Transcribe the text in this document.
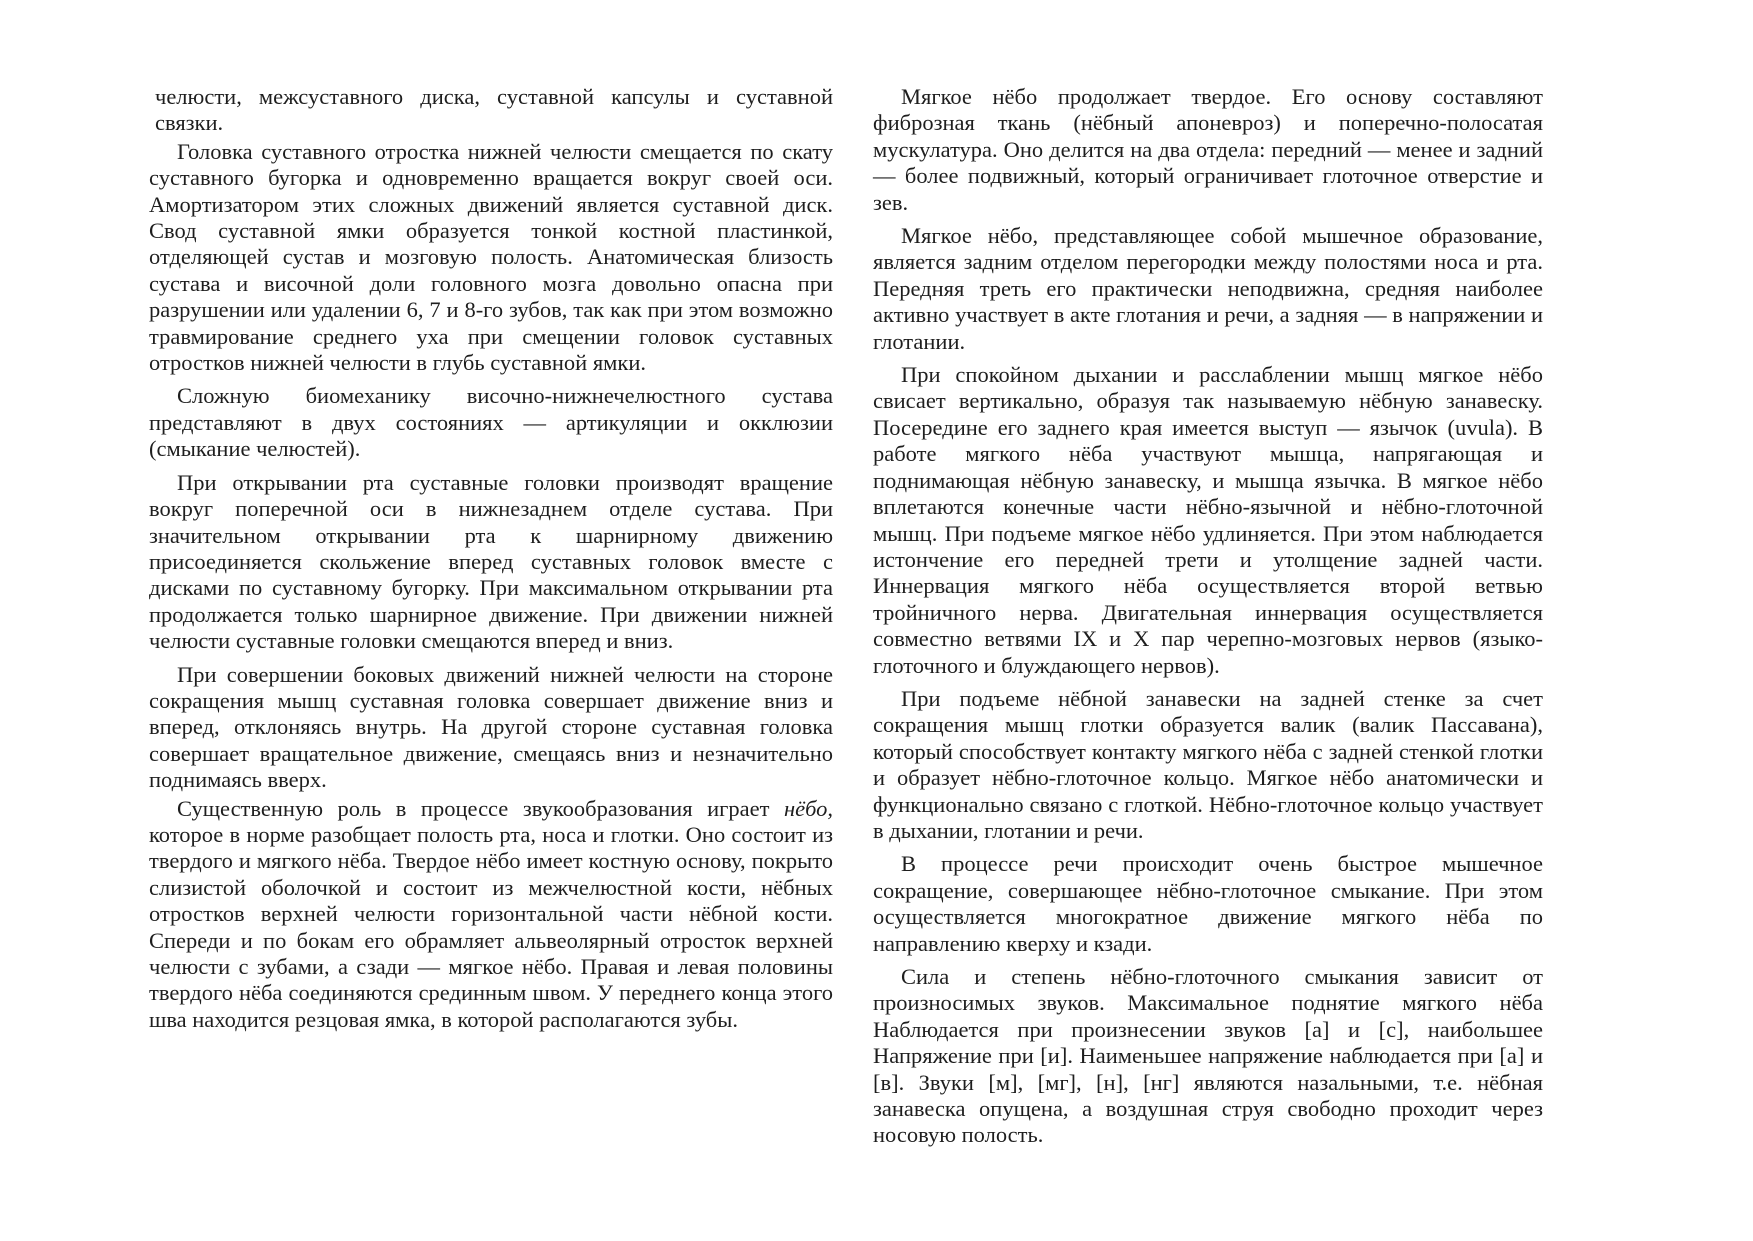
челюсти, межсуставного диска, суставной капсулы и суставной связки.

Головка суставного отростка нижней челюсти смещается по скату суставного бугорка и одновременно вращается вокруг своей оси. Амортизатором этих сложных движений является суставной диск. Свод суставной ямки образуется тонкой костной пластинкой, отделяющей сустав и мозговую полость. Анатомическая близость сустава и височной доли головного мозга довольно опасна при разрушении или удалении 6, 7 и 8-го зубов, так как при этом возможно травмирование среднего уха при смещении головок суставных отростков нижней челюсти в глубь суставной ямки.

Сложную биомеханику височно-нижнечелюстного сустава представляют в двух состояниях — артикуляции и окклюзии (смыкание челюстей).

При открывании рта суставные головки производят вращение вокруг поперечной оси в нижнезаднем отделе сустава. При значительном открывании рта к шарнирному движению присоединяется скольжение вперед суставных головок вместе с дисками по суставному бугорку. При максимальном открывании рта продолжается только шарнирное движение. При движении нижней челюсти суставные головки смещаются вперед и вниз.

При совершении боковых движений нижней челюсти на стороне сокращения мышц суставная головка совершает движение вниз и вперед, отклоняясь внутрь. На другой стороне суставная головка совершает вращательное движение, смещаясь вниз и незначительно поднимаясь вверх.

Существенную роль в процессе звукообразования играет нёбо, которое в норме разобщает полость рта, носа и глотки. Оно состоит из твердого и мягкого нёба. Твердое нёбо имеет костную основу, покрыто слизистой оболочкой и состоит из межчелюстной кости, нёбных отростков верхней челюсти горизонтальной части нёбной кости. Спереди и по бокам его обрамляет альвеолярный отросток верхней челюсти с зубами, а сзади — мягкое нёбо. Правая и левая половины твердого нёба соединяются срединным швом. У переднего конца этого шва находится резцовая ямка, в которой располагаются зубы.

Мягкое нёбо продолжает твердое. Его основу составляют фиброзная ткань (нёбный апоневроз) и поперечно-полосатая мускулатура. Оно делится на два отдела: передний — менее и задний — более подвижный, который ограничивает глоточное отверстие и зев.

Мягкое нёбо, представляющее собой мышечное образование, является задним отделом перегородки между полостями носа и рта. Передняя треть его практически неподвижна, средняя наиболее активно участвует в акте глотания и речи, а задняя — в напряжении и глотании.

При спокойном дыхании и расслаблении мышц мягкое нёбо свисает вертикально, образуя так называемую нёбную занавеску. Посередине его заднего края имеется выступ — язычок (uvula). В работе мягкого нёба участвуют мышца, напрягающая и поднимающая нёбную занавеску, и мышца язычка. В мягкое нёбо вплетаются конечные части нёбно-язычной и нёбно-глоточной мышц. При подъеме мягкое нёбо удлиняется. При этом наблюдается истончение его передней трети и утолщение задней части. Иннервация мягкого нёба осуществляется второй ветвью тройничного нерва. Двигательная иннервация осуществляется совместно ветвями IX и X пар черепно-мозговых нервов (языко-глоточного и блуждающего нервов).

При подъеме нёбной занавески на задней стенке за счет сокращения мышц глотки образуется валик (валик Пассавана), который способствует контакту мягкого нёба с задней стенкой глотки и образует нёбно-глоточное кольцо. Мягкое нёбо анатомически и функционально связано с глоткой. Нёбно-глоточное кольцо участвует в дыхании, глотании и речи.

В процессе речи происходит очень быстрое мышечное сокращение, совершающее нёбно-глоточное смыкание. При этом осуществляется многократное движение мягкого нёба по направлению кверху и кзади.

Сила и степень нёбно-глоточного смыкания зависит от произносимых звуков. Максимальное поднятие мягкого нёба Наблюдается при произнесении звуков [а] и [с], наибольшее Напряжение при [и]. Наименьшее напряжение наблюдается при [а] и [в]. Звуки [м], [мᴦ], [н], [нᴦ] являются назальными, т.е. нёбная занавеска опущена, а воздушная струя свободно проходит через носовую полость.
